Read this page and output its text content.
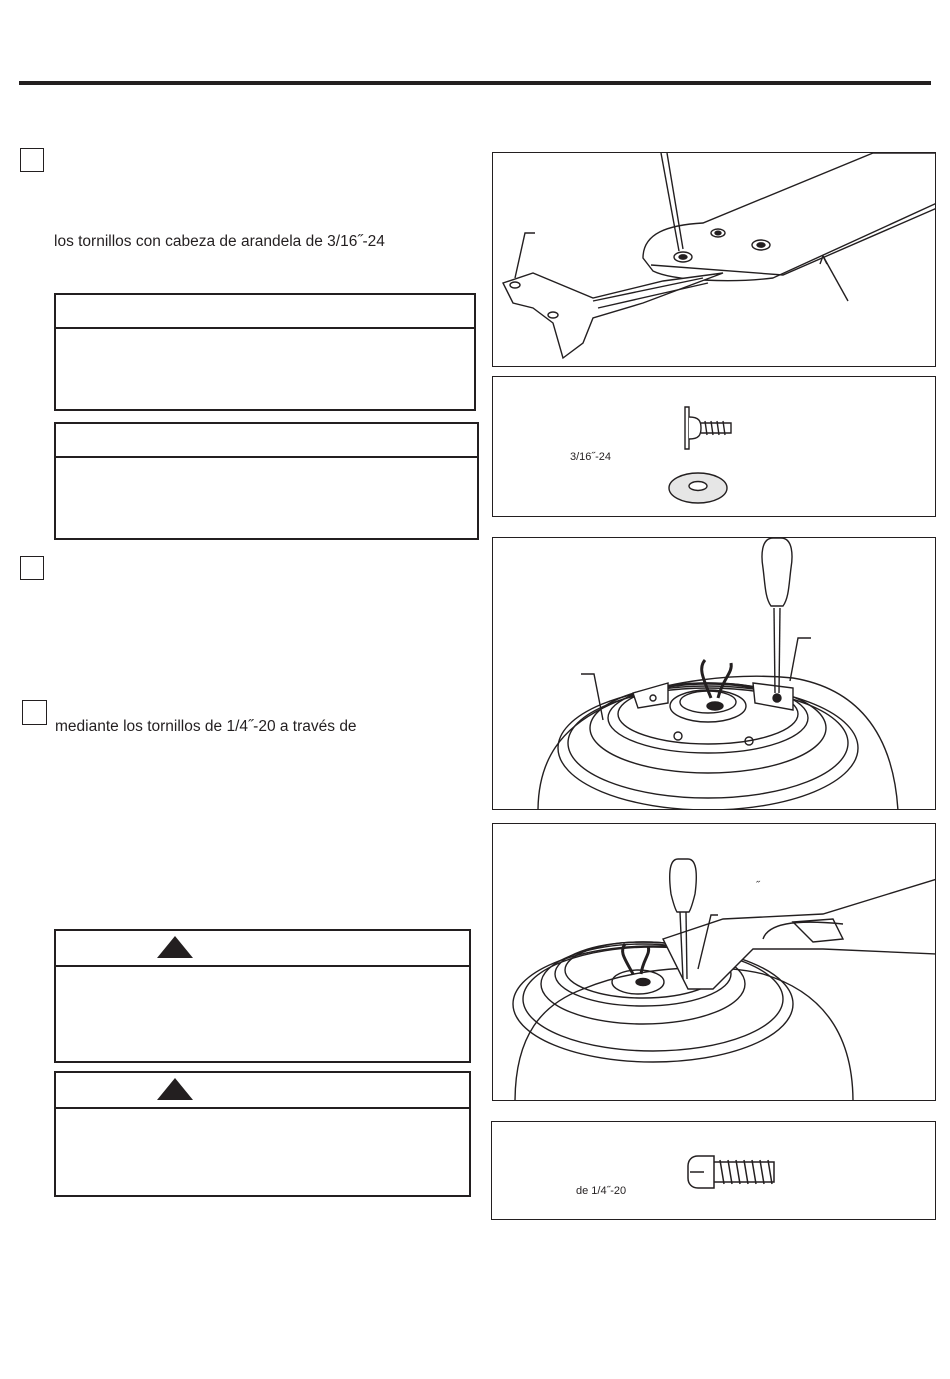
los tornillos con cabeza de arandela de 3/16˝-24
mediante los tornillos de 1/4˝-20 a través de
3/16˝-24
˝
de 1/4˝-20
